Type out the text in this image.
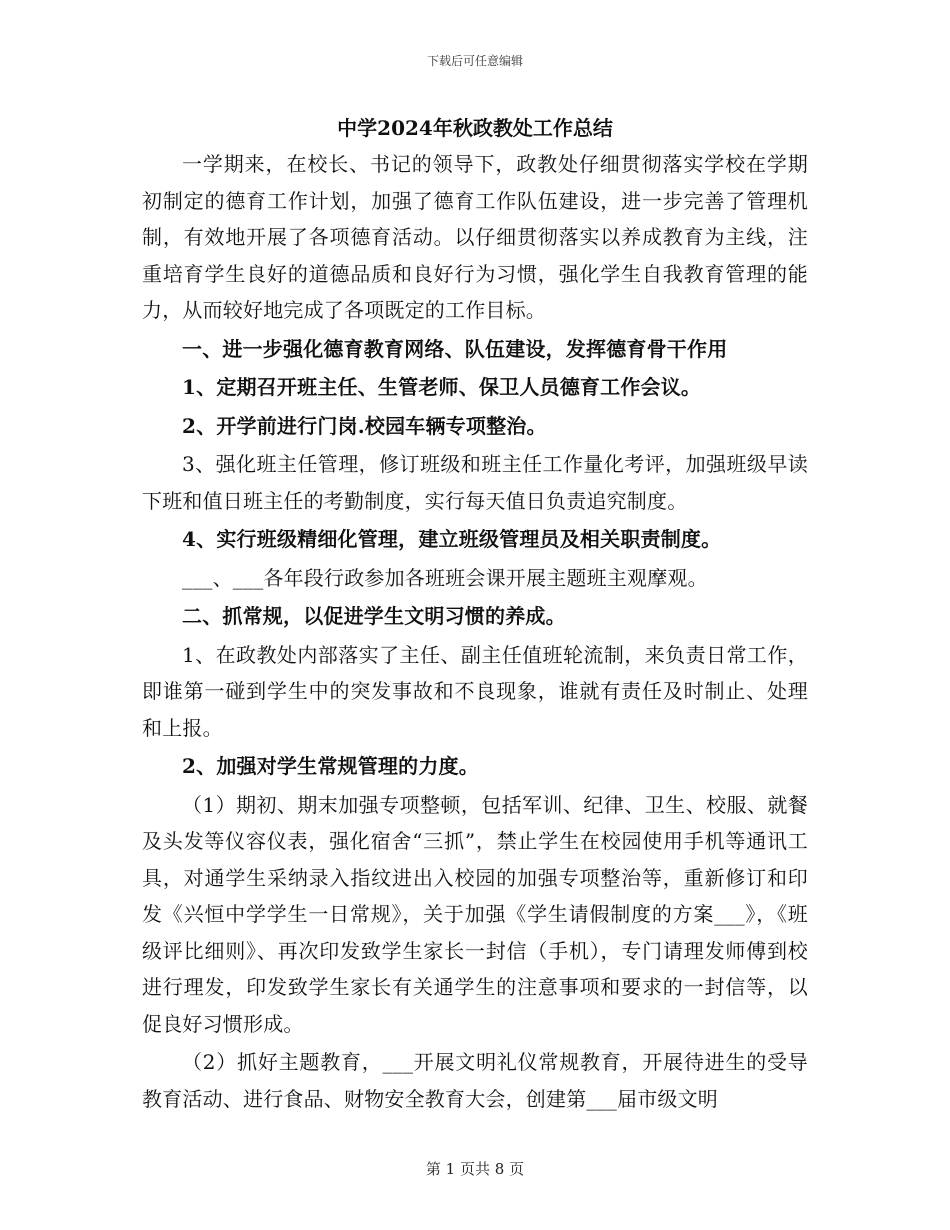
下载后可任意编辑
中学2024年秋政教处工作总结

一学期来，在校长、书记的领导下，政教处仔细贯彻落实学校在学期初制定的德育工作计划，加强了德育工作队伍建设，进一步完善了管理机制，有效地开展了各项德育活动。以仔细贯彻落实以养成教育为主线，注重培育学生良好的道德品质和良好行为习惯，强化学生自我教育管理的能力，从而较好地完成了各项既定的工作目标。

一、进一步强化德育教育网络、队伍建设，发挥德育骨干作用

1、定期召开班主任、生管老师、保卫人员德育工作会议。

2、开学前进行门岗.校园车辆专项整治。

3、强化班主任管理，修订班级和班主任工作量化考评，加强班级早读下班和值日班主任的考勤制度，实行每天值日负责追究制度。

4、实行班级精细化管理，建立班级管理员及相关职责制度。

___、___各年段行政参加各班班会课开展主题班主观摩观。

二、抓常规，以促进学生文明习惯的养成。

1、在政教处内部落实了主任、副主任值班轮流制，来负责日常工作，即谁第一碰到学生中的突发事故和不良现象，谁就有责任及时制止、处理和上报。

2、加强对学生常规管理的力度。

（1）期初、期末加强专项整顿，包括军训、纪律、卫生、校服、就餐及头发等仪容仪表，强化宿舍“三抓”，禁止学生在校园使用手机等通讯工具，对通学生采纳录入指纹进出入校园的加强专项整治等，重新修订和印发《兴恒中学学生一日常规》，关于加强《学生请假制度的方案___》，《班级评比细则》、再次印发致学生家长一封信（手机），专门请理发师傅到校进行理发，印发致学生家长有关通学生的注意事项和要求的一封信等，以促良好习惯形成。

（2）抓好主题教育，___开展文明礼仪常规教育，开展待进生的受导教育活动、进行食品、财物安全教育大会，创建第___届市级文明

第 1 页共 8 页
